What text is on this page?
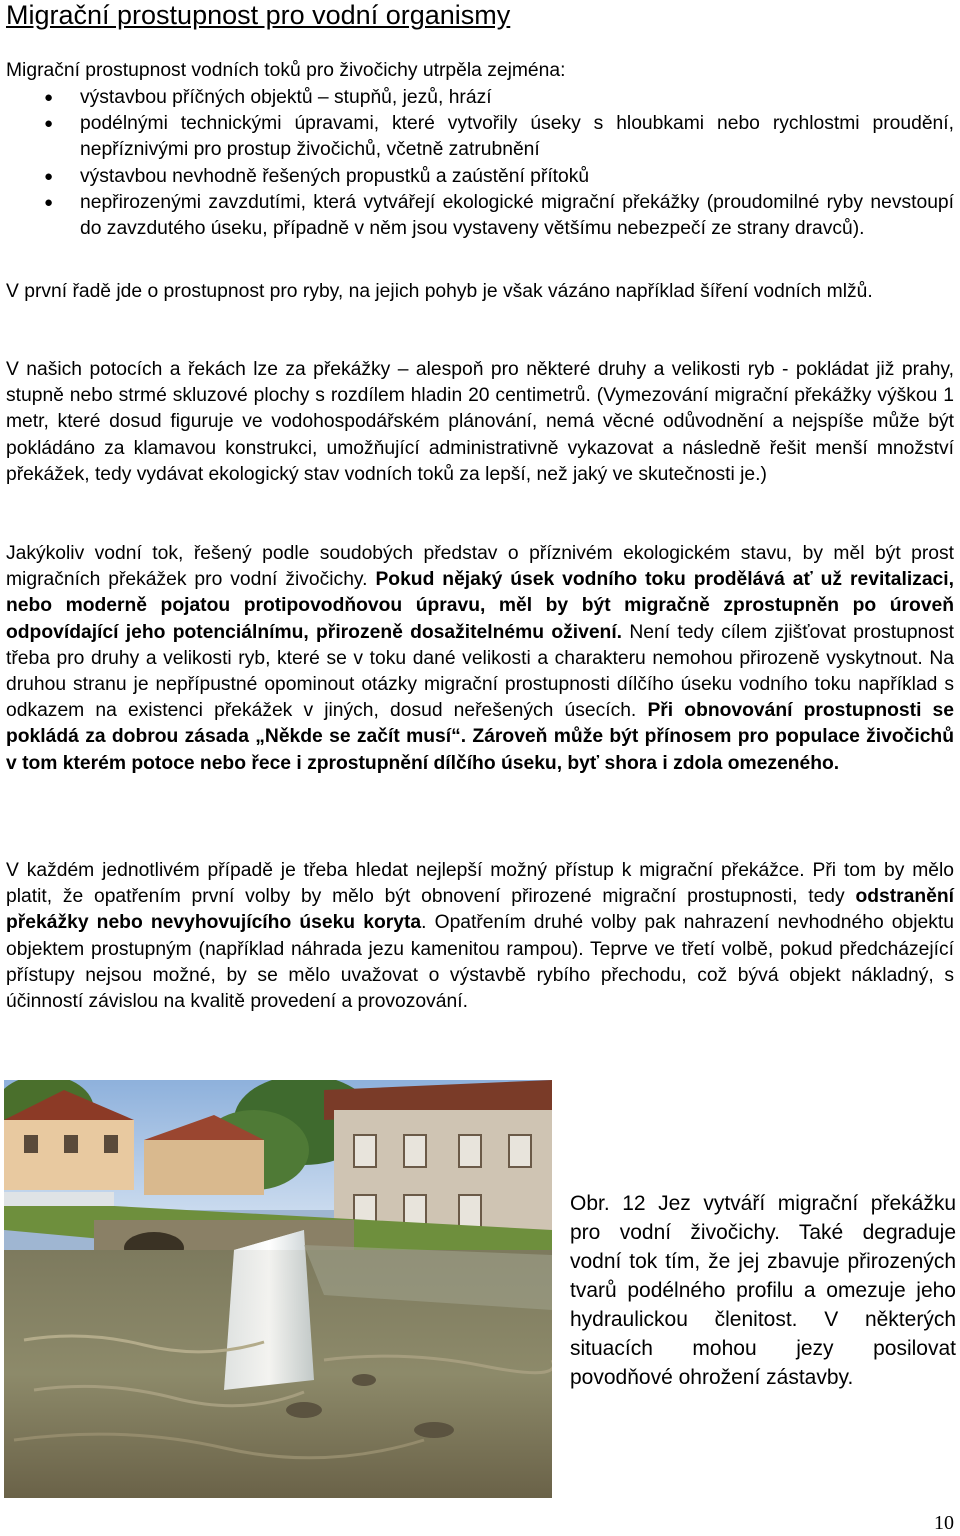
Migrační prostupnost pro vodní organismy
Migrační prostupnost vodních toků pro živočichy utrpěla zejména:
● výstavbou příčných objektů – stupňů, jezů, hrází
● podélnými technickými úpravami, které vytvořily úseky s hloubkami nebo rychlostmi proudění, nepříznivými pro prostup živočichů, včetně zatrubnění
● výstavbou nevhodně řešených propustků a zaústění přítoků
● nepřirozenými zavzdutími, která vytvářejí ekologické migrační překážky (proudomilné ryby nevstoupí do zavzdutého úseku, případně v něm jsou vystaveny většímu nebezpečí ze strany dravců).
V první řadě jde o prostupnost pro ryby, na jejich pohyb je však vázáno například šíření vodních mlžů.
V našich potocích a řekách lze za překážky – alespoň pro některé druhy a velikosti ryb - pokládat již prahy, stupně nebo strmé skluzové plochy s rozdílem hladin 20 centimetrů. (Vymezování migrační překážky výškou 1 metr, které dosud figuruje ve vodohospodářském plánování, nemá věcné odůvodnění a nejspíše může být pokládáno za klamavou konstrukci, umožňující administrativně vykazovat a následně řešit menší množství překážek, tedy vydávat ekologický stav vodních toků za lepší, než jaký ve skutečnosti je.)
Jakýkoliv vodní tok, řešený podle soudobých představ o příznivém ekologickém stavu, by měl být prost migračních překážek pro vodní živočichy. Pokud nějaký úsek vodního toku prodělává ať už revitalizaci, nebo moderně pojatou protipovodňovou úpravu, měl by být migračně zprostupněn po úroveň odpovídající jeho potenciálnímu, přirozeně dosažitelnému oživení. Není tedy cílem zjišťovat prostupnost třeba pro druhy a velikosti ryb, které se v toku dané velikosti a charakteru nemohou přirozeně vyskytnout. Na druhou stranu je nepřípustné opominout otázky migrační prostupnosti dílčího úseku vodního toku například s odkazem na existenci překážek v jiných, dosud neřešených úsecích. Při obnovování prostupnosti se pokládá za dobrou zásada „Někde se začít musí“. Zároveň může být přínosem pro populace živočichů v tom kterém potoce nebo řece i zprostupnění dílčího úseku, byť shora i zdola omezeného.
V každém jednotlivém případě je třeba hledat nejlepší možný přístup k migrační překážce. Při tom by mělo platit, že opatřením první volby by mělo být obnovení přirozené migrační prostupnosti, tedy odstranění překážky nebo nevyhovujícího úseku koryta. Opatřením druhé volby pak nahrazení nevhodného objektu objektem prostupným (například náhrada jezu kamenitou rampou). Teprve ve třetí volbě, pokud předcházející přístupy nejsou možné, by se mělo uvažovat o výstavbě rybího přechodu, což bývá objekt nákladný, s účinností závislou na kvalitě provedení a provozování.
Obr. 12 Jez vytváří migrační překážku pro vodní živočichy. Také degraduje vodní tok tím, že jej zbavuje přirozených tvarů podélného profilu a omezuje jeho hydraulickou členitost. V některých situacích mohou jezy posilovat povodňové ohrožení zástavby.
10
